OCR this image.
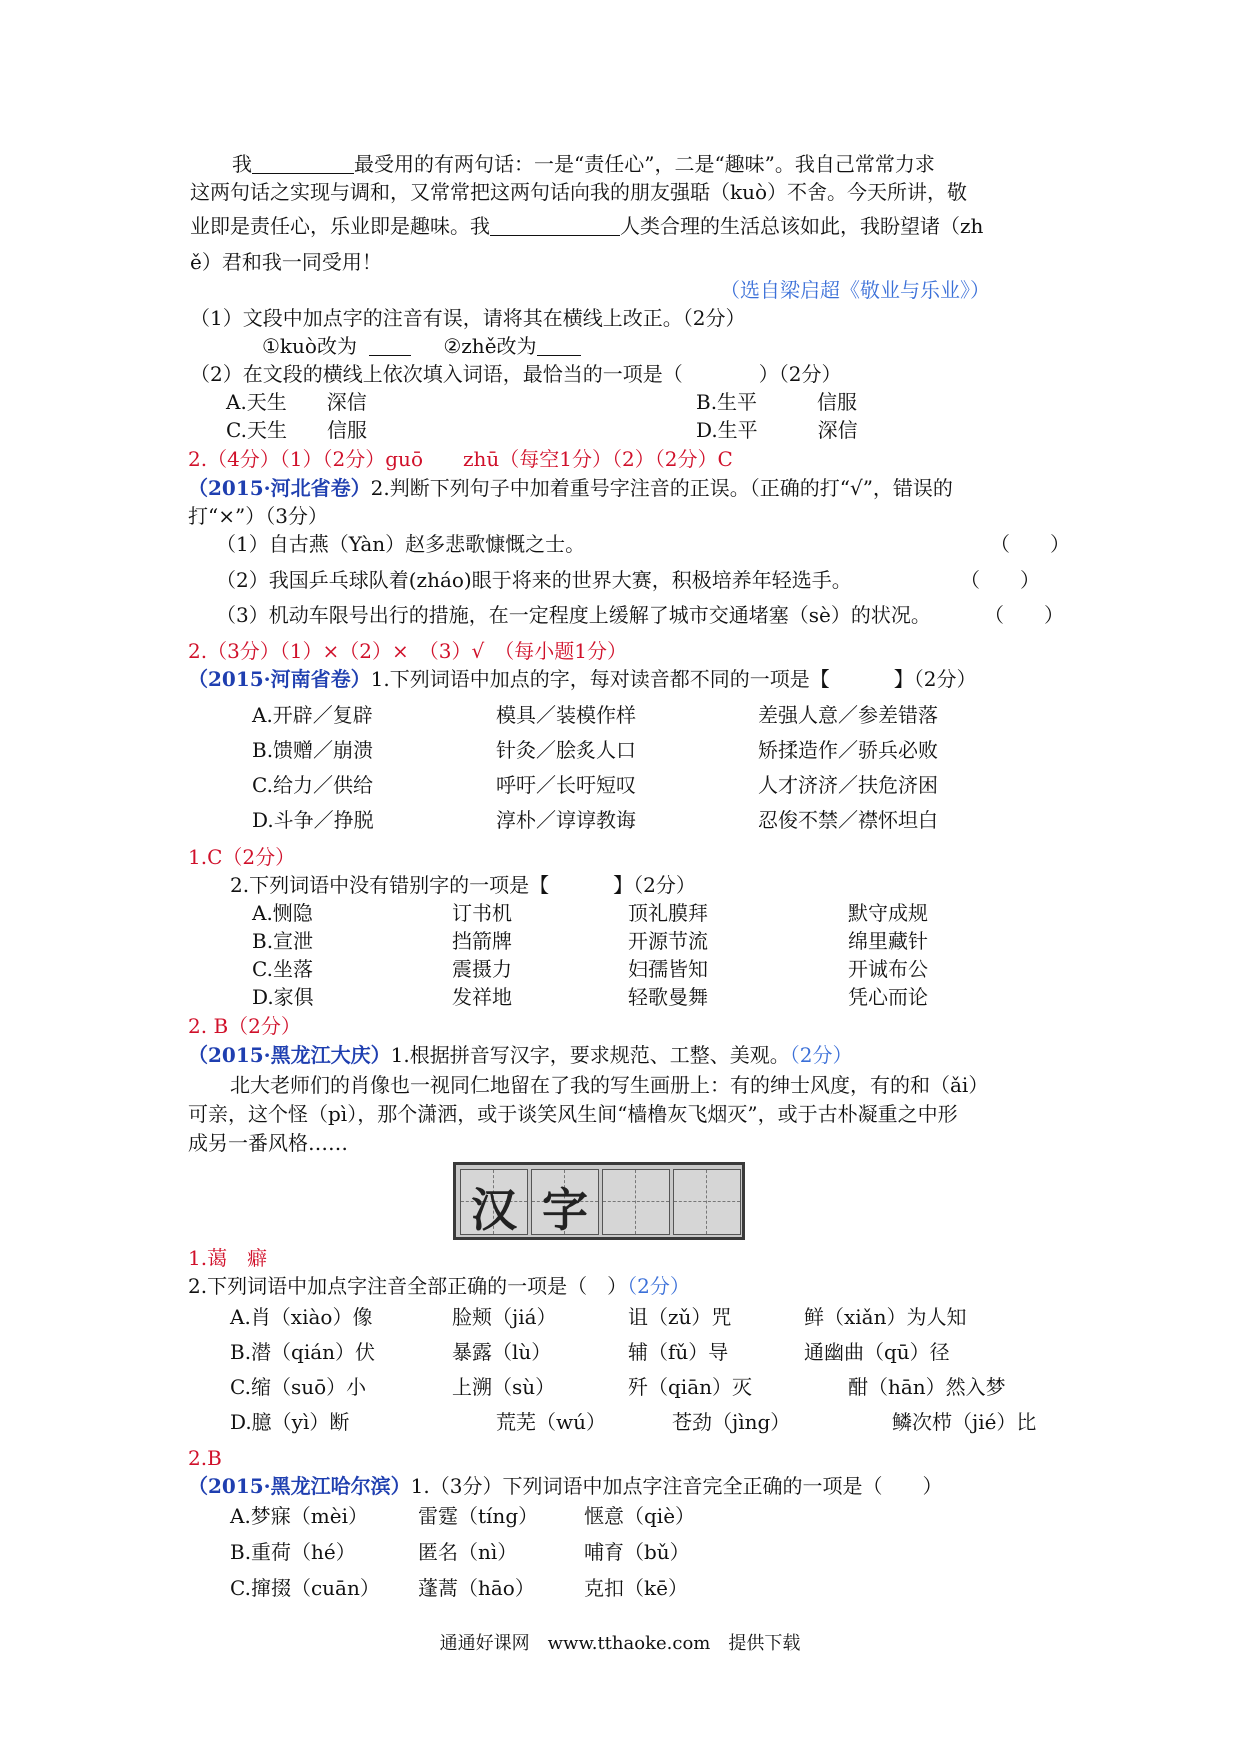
我	最受用的有两句话：一是“责任心”，二是“趣味”。我自己常常力求
这两句话之实现与调和，又常常把这两句话向我的朋友强聒（kuò）不舍。今天所讲，敬
业即是责任心，乐业即是趣味。我	人类合理的生活总该如此，我盼望诸（zh
ě）君和我一同受用！
（选自梁启超《敬业与乐业》）
（1）文段中加点字的注音有误，请将其在横线上改正。（2分）
①kuò改为	②zhě改为
（2）在文段的横线上依次填入词语，最恰当的一项是（	）（2分）
A.天生　　深信	B.生平　　　信服
C.天生　　信服	D.生平　　　深信
2.（4分）（1）（2分）guō　　zhū（每空1分）（2）（2分）C
（2015·河北省卷）2.判断下列句子中加着重号字注音的正误。（正确的打“√”，错误的
打“×”）（3分）
（1）自古燕（Yàn）赵多悲歌慷慨之士。	（　　）
（2）我国乒乓球队着(zháo)眼于将来的世界大赛，积极培养年轻选手。	（　　）
（3）机动车限号出行的措施，在一定程度上缓解了城市交通堵塞（sè）的状况。	（　　）
2.（3分）（1）×（2）×　（3）√　（每小题1分）
（2015·河南省卷）1.下列词语中加点的字，每对读音都不同的一项是【	】（2分）
A.开辟／复辟	模具／装模作样	差强人意／参差错落
B.馈赠／崩溃	针灸／脍炙人口	矫揉造作／骄兵必败
C.给力／供给	呼吁／长吁短叹	人才济济／扶危济困
D.斗争／挣脱	淳朴／谆谆教诲	忍俊不禁／襟怀坦白
1.C（2分）
2.下列词语中没有错别字的一项是【	】（2分）
A.恻隐	订书机	顶礼膜拜	默守成规
B.宣泄	挡箭牌	开源节流	绵里藏针
C.坐落	震摄力	妇孺皆知	开诚布公
D.家俱	发祥地	轻歌曼舞	凭心而论
2. B（2分）
（2015·黑龙江大庆）1.根据拼音写汉字，要求规范、工整、美观。（2分）
北大老师们的肖像也一视同仁地留在了我的写生画册上：有的绅士风度，有的和（ǎi）
可亲，这个怪（pì），那个潇洒，或于谈笑风生间“樯橹灰飞烟灭”，或于古朴凝重之中形
成另一番风格……
汉 字
1.蔼　癖
2.下列词语中加点字注音全部正确的一项是（　）（2分）
A.肖（xiào）像	脸颊（jiá）	诅（zǔ）咒	鲜（xiǎn）为人知
B.潜（qián）伏	暴露（lù）	辅（fǔ）导	通幽曲（qū）径
C.缩（suō）小	上溯（sù）	歼（qiān）灭	酣（hān）然入梦
D.臆（yì）断	荒芜（wú）	苍劲（jìng）	鳞次栉（jié）比
2.B
（2015·黑龙江哈尔滨）1.（3分）下列词语中加点字注音完全正确的一项是（　　）
A.梦寐（mèi）	雷霆（tíng） 惬意（qiè）
B.重荷（hé）	匿名（nì）	哺育（bǔ）
C.撺掇（cuān） 蓬蒿（hāo） 克扣（kē）
通通好课网　www.tthaoke.com　提供下载
